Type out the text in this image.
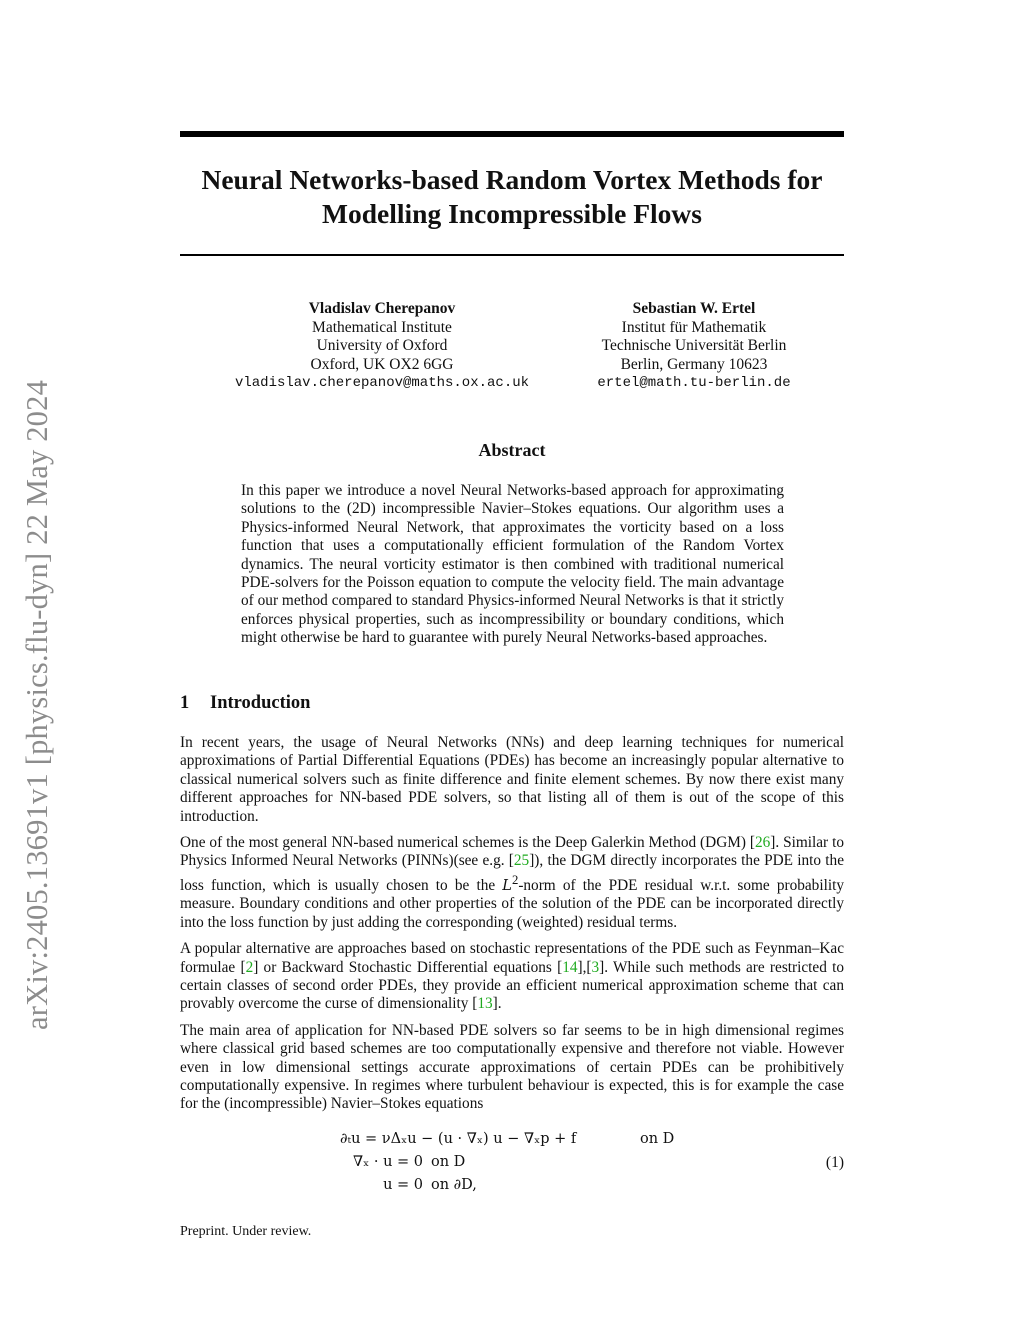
arXiv:2405.13691v1 [physics.flu-dyn] 22 May 2024
Neural Networks-based Random Vortex Methods for Modelling Incompressible Flows
Vladislav Cherepanov
Mathematical Institute
University of Oxford
Oxford, UK OX2 6GG
vladislav.cherepanov@maths.ox.ac.uk
Sebastian W. Ertel
Institut für Mathematik
Technische Universität Berlin
Berlin, Germany 10623
ertel@math.tu-berlin.de
Abstract

In this paper we introduce a novel Neural Networks-based approach for approximating solutions to the (2D) incompressible Navier–Stokes equations. Our algorithm uses a Physics-informed Neural Network, that approximates the vorticity based on a loss function that uses a computationally efficient formulation of the Random Vortex dynamics. The neural vorticity estimator is then combined with traditional numerical PDE-solvers for the Poisson equation to compute the velocity field. The main advantage of our method compared to standard Physics-informed Neural Networks is that it strictly enforces physical properties, such as incompressibility or boundary conditions, which might otherwise be hard to guarantee with purely Neural Networks-based approaches.

1 Introduction

In recent years, the usage of Neural Networks (NNs) and deep learning techniques for numerical approximations of Partial Differential Equations (PDEs) has become an increasingly popular alternative to classical numerical solvers such as finite difference and finite element schemes. By now there exist many different approaches for NN-based PDE solvers, so that listing all of them is out of the scope of this introduction.

One of the most general NN-based numerical schemes is the Deep Galerkin Method (DGM) [26]. Similar to Physics Informed Neural Networks (PINNs)(see e.g. [25]), the DGM directly incorporates the PDE into the loss function, which is usually chosen to be the $L^2$-norm of the PDE residual w.r.t. some probability measure. Boundary conditions and other properties of the solution of the PDE can be incorporated directly into the loss function by just adding the corresponding (weighted) residual terms.

A popular alternative are approaches based on stochastic representations of the PDE such as Feynman–Kac formulae [2] or Backward Stochastic Differential equations [14],[3]. While such methods are restricted to certain classes of second order PDEs, they provide an efficient numerical approximation scheme that can provably overcome the curse of dimensionality [13].

The main area of application for NN-based PDE solvers so far seems to be in high dimensional regimes where classical grid based schemes are too computationally expensive and therefore not viable. However even in low dimensional settings accurate approximations of certain PDEs can be prohibitively computationally expensive. In regimes where turbulent behaviour is expected, this is for example the case for the (incompressible) Navier–Stokes equations

∂ₜu = νΔₓu − (u · ∇ₓ) u − ∇ₓp + f	on D
∇ₓ · u = 0 on D
u = 0 on ∂D,
(1)
Preprint. Under review.
